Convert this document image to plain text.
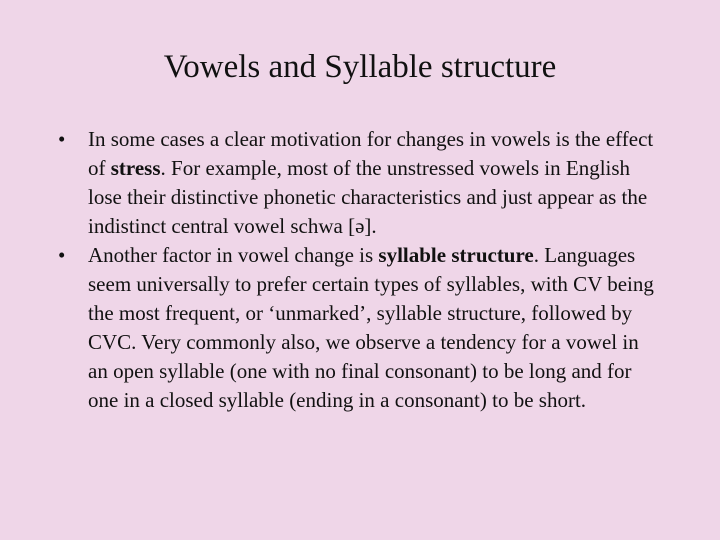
Vowels and Syllable structure
• In some cases a clear motivation for changes in vowels is the effect of stress. For example, most of the unstressed vowels in English lose their distinctive phonetic characteristics and just appear as the indistinct central vowel schwa [ə].
• Another factor in vowel change is syllable structure. Languages seem universally to prefer certain types of syllables, with CV being the most frequent, or ‘unmarked’, syllable structure, followed by CVC. Very commonly also, we observe a tendency for a vowel in an open syllable (one with no final consonant) to be long and for one in a closed syllable (ending in a consonant) to be short.
